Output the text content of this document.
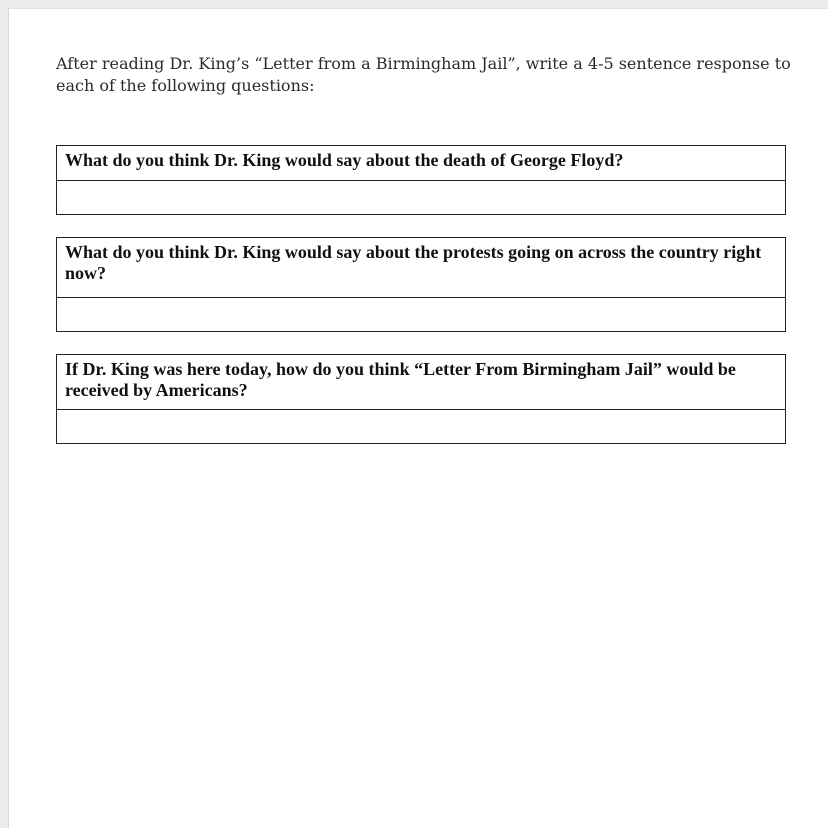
After reading Dr. King’s “Letter from a Birmingham Jail”, write a 4-5 sentence response to each of the following questions:

What do you think Dr. King would say about the death of George Floyd?
What do you think Dr. King would say about the protests going on across the country right now?
If Dr. King was here today, how do you think “Letter From Birmingham Jail” would be received by Americans?
